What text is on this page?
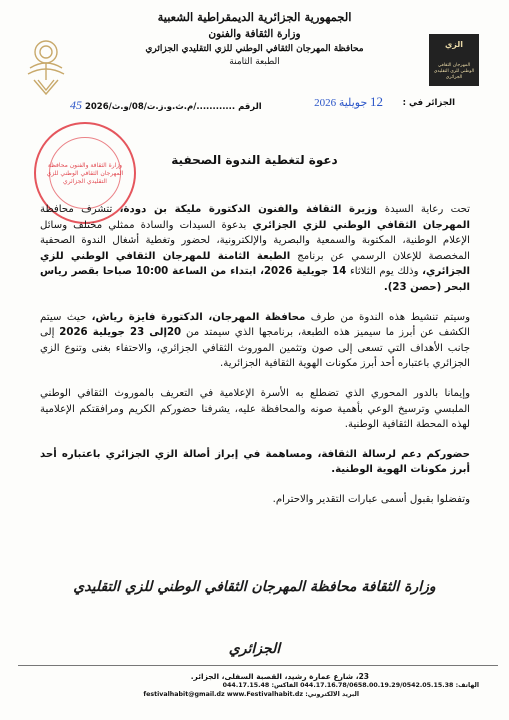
الجمهورية الجزائرية الديمقراطية الشعبية
وزارة الثقافة والفنون
محافظة المهرجان الثقافي الوطني للزي التقليدي الجزائري
الطبعة الثامنة
الزي
المهرجان الثقافي الوطني للزي التقليدي الجزائري
الجزائر في :
12 جويلية 2026
الرقم ............/م.ث.و.ز.ت/08/و.ث/2026 45
وزارة الثقافة والفنون محافظة المهرجان الثقافي الوطني للزي التقليدي الجزائري
دعوة لتغطية الندوة الصحفية

تحت رعاية السيدة وزيرة الثقافة والفنون الدكتورة مليكة بن دودة، تتشرف محافظة المهرجان الثقافي الوطني للزي الجزائري بدعوة السيدات والسادة ممثلي مختلف وسائل الإعلام الوطنية، المكتوبة والسمعية والبصرية والإلكترونية، لحضور وتغطية أشغال الندوة الصحفية المخصصة للإعلان الرسمي عن برنامج الطبعة الثامنة للمهرجان الثقافي الوطني للزي الجزائري، وذلك يوم الثلاثاء 14 جويلية 2026، ابتداء من الساعة 10:00 صباحا بقصر رياس البحر (حصن 23).

وسيتم تنشيط هذه الندوة من طرف محافظة المهرجان، الدكتورة فايزة رياش، حيث سيتم الكشف عن أبرز ما سيميز هذه الطبعة، برنامجها الذي سيمتد من 20إلى 23 جويلية 2026 إلى جانب الأهداف التي تسعى إلى صون وتثمين الموروث الثقافي الجزائري، والاحتفاء بغنى وتنوع الزي الجزائري باعتباره أحد أبرز مكونات الهوية الثقافية الجزائرية.

وإيمانا بالدور المحوري الذي تضطلع به الأسرة الإعلامية في التعريف بالموروث الثقافي الوطني الملبسي وترسيخ الوعي بأهمية صونه والمحافظة عليه، يشرفنا حضوركم الكريم ومرافقتكم الإعلامية لهذه المحطة الثقافية الوطنية.

حضوركم دعم لرسالة الثقافة، ومساهمة في إبراز أصالة الزي الجزائري باعتباره أحد أبرز مكونات الهوية الوطنية.

وتفضلوا بقبول أسمى عبارات التقدير والاحترام.

وزارة الثقافة محافظة المهرجان الثقافي الوطني للزي التقليدي الجزائري
23، شارع عمارة رشيد، القصبة السفلى، الجزائر.
الهاتف: 044.17.16.78/0658.00.19.29/0542.05.15.38 الفاكس: 044.17.15.48
البريد الالكتروني: festivalhabit@gmail.dz www.Festivalhabit.dz
